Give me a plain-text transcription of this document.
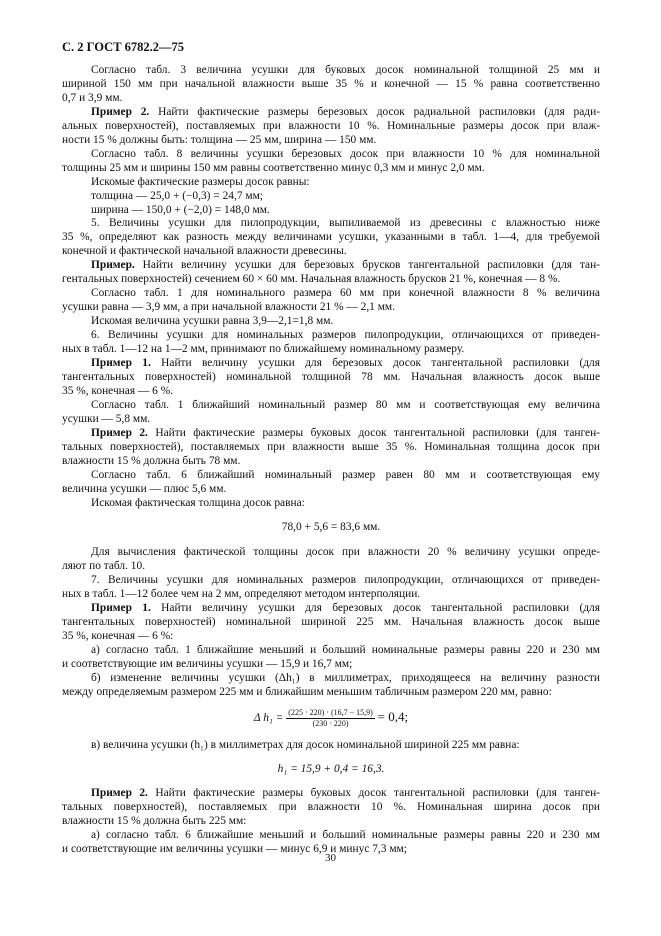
С. 2 ГОСТ 6782.2—75
Согласно табл. 3 величина усушки для буковых досок номинальной толщиной 25 мм и
шириной 150 мм при начальной влажности выше 35 % и конечной — 15 % равна соответственно
0,7 и 3,9 мм.
Пример 2. Найти фактические размеры березовых досок радиальной распиловки (для ради-
альных поверхностей), поставляемых при влажности 10 %. Номинальные размеры досок при влаж-
ности 15 % должны быть: толщина — 25 мм, ширина — 150 мм.
Согласно табл. 8 величины усушки березовых досок при влажности 10 % для номинальной
толщины 25 мм и ширины 150 мм равны соответственно минус 0,3 мм и минус 2,0 мм.
Искомые фактические размеры досок равны:
толщина — 25,0 + (−0,3) = 24,7 мм;
ширина — 150,0 + (−2,0) = 148,0 мм.
5. Величины усушки для пилопродукции, выпиливаемой из древесины с влажностью ниже
35 %, определяют как разность между величинами усушки, указанными в табл. 1—4, для требуемой
конечной и фактической начальной влажности древесины.
Пример. Найти величину усушки для березовых брусков тангентальной распиловки (для тан-
гентальных поверхностей) сечением 60 × 60 мм. Начальная влажность брусков 21 %, конечная — 8 %.
Согласно табл. 1 для номинального размера 60 мм при конечной влажности 8 % величина
усушки равна — 3,9 мм, а при начальной влажности 21 % — 2,1 мм.
Искомая величина усушки равна 3,9—2,1=1,8 мм.
6. Величины усушки для номинальных размеров пилопродукции, отличающихся от приведен-
ных в табл. 1—12 на 1—2 мм, принимают по ближайшему номинальному размеру.
Пример 1. Найти величину усушки для березовых досок тангентальной распиловки (для
тангентальных поверхностей) номинальной толщиной 78 мм. Начальная влажность досок выше
35 %, конечная — 6 %.
Согласно табл. 1 ближайший номинальный размер 80 мм и соответствующая ему величина
усушки — 5,8 мм.
Пример 2. Найти фактические размеры буковых досок тангентальной распиловки (для танген-
тальных поверхностей), поставляемых при влажности выше 35 %. Номинальная толщина досок при
влажности 15 % должна быть 78 мм.
Согласно табл. 6 ближайший номинальный размер равен 80 мм и соответствующая ему
величина усушки — плюс 5,6 мм.
Искомая фактическая толщина досок равна:
78,0 + 5,6 = 83,6 мм.
Для вычисления фактической толщины досок при влажности 20 % величину усушки опреде-
ляют по табл. 10.
7. Величины усушки для номинальных размеров пилопродукции, отличающихся от приведен-
ных в табл. 1—12 более чем на 2 мм, определяют методом интерполяции.
Пример 1. Найти величину усушки для березовых досок тангентальной распиловки (для
тангентальных поверхностей) номинальной шириной 225 мм. Начальная влажность досок выше
35 %, конечная — 6 %:
а) согласно табл. 1 ближайшие меньший и больший номинальные размеры равны 220 и 230 мм
и соответствующие им величины усушки — 15,9 и 16,7 мм;
б) изменение величины усушки (Δh₁) в миллиметрах, приходящееся на величину разности
между определяемым размером 225 мм и ближайшим меньшим табличным размером 220 мм, равно:
Δ $h_1 = \frac{(225 \cdot 220) \cdot (16,7 - 15,9)}{(230 \cdot 220)} = 0,4$;
в) величина усушки (h₁) в миллиметрах для досок номинальной шириной 225 мм равна:
h₁ = 15,9 + 0,4 = 16,3.
Пример 2. Найти фактические размеры буковых досок тангентальной распиловки (для танген-
тальных поверхностей), поставляемых при влажности 10 %. Номинальная ширина досок при
влажности 15 % должна быть 225 мм:
а) согласно табл. 6 ближайшие меньший и больший номинальные размеры равны 220 и 230 мм
и соответствующие им величины усушки — минус 6,9 и минус 7,3 мм;
30
